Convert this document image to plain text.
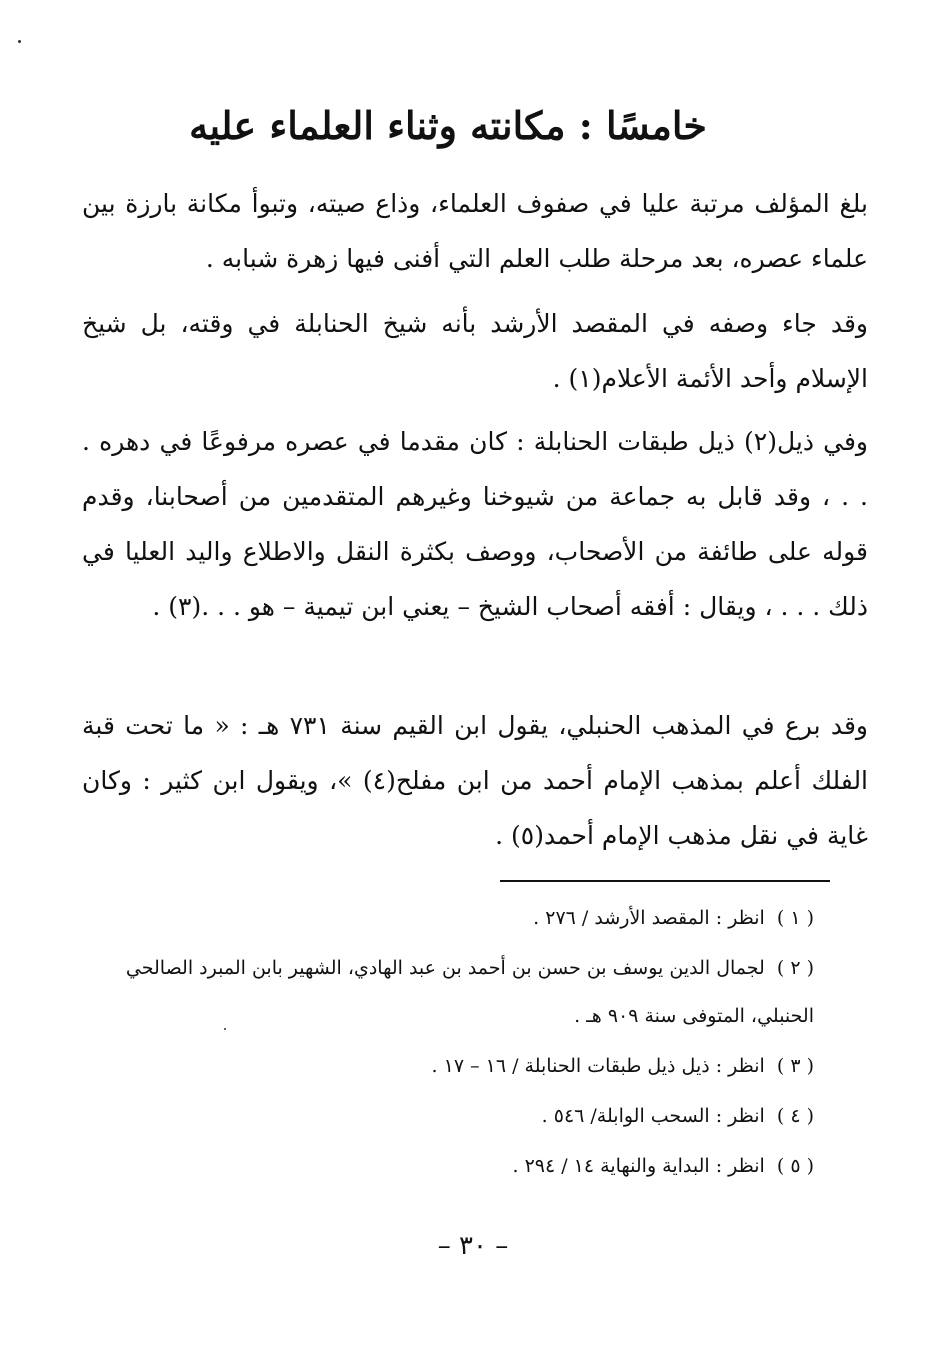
خامسًا : مكانته وثناء العلماء عليه

بلغ المؤلف مرتبة عليا في صفوف العلماء، وذاع صيته، وتبوأ مكانة بارزة بين علماء عصره، بعد مرحلة طلب العلم التي أفنى فيها زهرة شبابه .

وقد جاء وصفه في المقصد الأرشد بأنه شيخ الحنابلة في وقته، بل شيخ الإسلام وأحد الأئمة الأعلام(١) .

وفي ذيل(٢) ذيل طبقات الحنابلة : كان مقدما في عصره مرفوعًا في دهره . . . ، وقد قابل به جماعة من شيوخنا وغيرهم المتقدمين من أصحابنا، وقدم قوله على طائفة من الأصحاب، ووصف بكثرة النقل والاطلاع واليد العليا في ذلك . . . ، ويقال : أفقه أصحاب الشيخ – يعني ابن تيمية – هو . . .(٣) .

وقد برع في المذهب الحنبلي، يقول ابن القيم سنة ٧٣١ هـ : « ما تحت قبة الفلك أعلم بمذهب الإمام أحمد من ابن مفلح(٤) »، ويقول ابن كثير : وكان غاية في نقل مذهب الإمام أحمد(٥) .

( ١ ) انظر : المقصد الأرشد / ٢٧٦ .
( ٢ ) لجمال الدين يوسف بن حسن بن أحمد بن عبد الهادي، الشهير بابن المبرد الصالحي الحنبلي، المتوفى سنة ٩٠٩ هـ .
( ٣ ) انظر : ذيل ذيل طبقات الحنابلة / ١٦ – ١٧ .
( ٤ ) انظر : السحب الوابلة/ ٥٤٦ .
( ٥ ) انظر : البداية والنهاية ١٤ / ٢٩٤ .
– ٣٠ –
